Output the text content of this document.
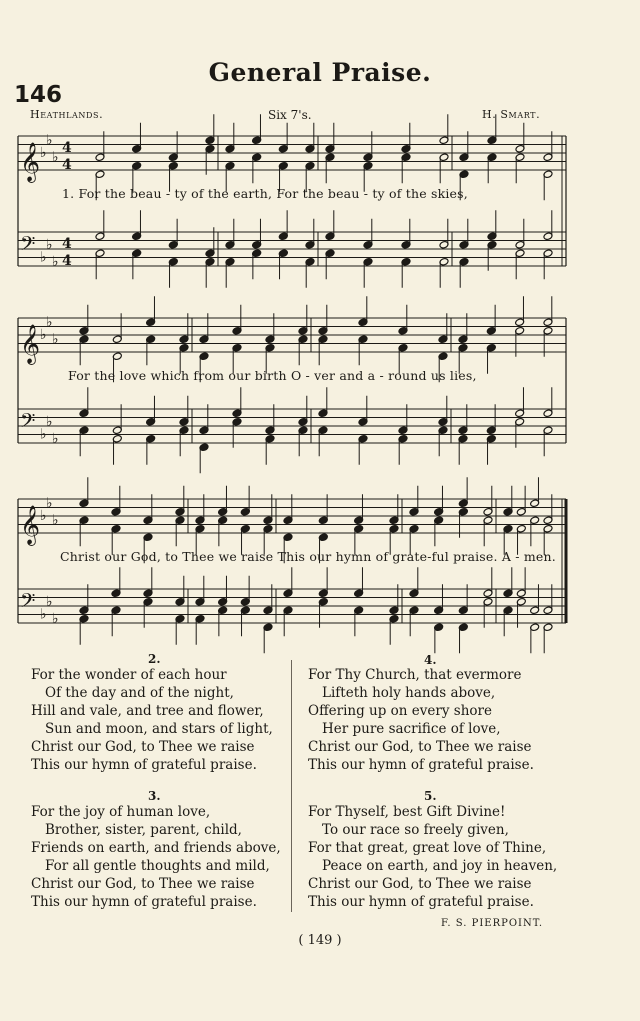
General Praise.
146
Heathlands.	Six 7's.	H. Smart.
𝄞
𝄢
♭
♭
♭
♭
♭
♭
4
4
4
4
𝄞
𝄢
♭
♭
♭
♭
♭
♭
𝄞
𝄢
♭
♭
♭
♭
♭
♭
1. For the beau - ty of the earth, For the beau - ty of the skies,
For the love which from our birth O - ver and a - round us lies,
Christ our God, to Thee we raise This our hymn of grate-ful praise. A - men.
2.
For the wonder of each hour
Of the day and of the night,
Hill and vale, and tree and flower,
Sun and moon, and stars of light,
Christ our God, to Thee we raise
This our hymn of grateful praise.
3.
For the joy of human love,
Brother, sister, parent, child,
Friends on earth, and friends above,
For all gentle thoughts and mild,
Christ our God, to Thee we raise
This our hymn of grateful praise.
4.
For Thy Church, that evermore
Lifteth holy hands above,
Offering up on every shore
Her pure sacrifice of love,
Christ our God, to Thee we raise
This our hymn of grateful praise.
5.
For Thyself, best Gift Divine!
To our race so freely given,
For that great, great love of Thine,
Peace on earth, and joy in heaven,
Christ our God, to Thee we raise
This our hymn of grateful praise.
F. S. PIERPOINT.
( 149 )
